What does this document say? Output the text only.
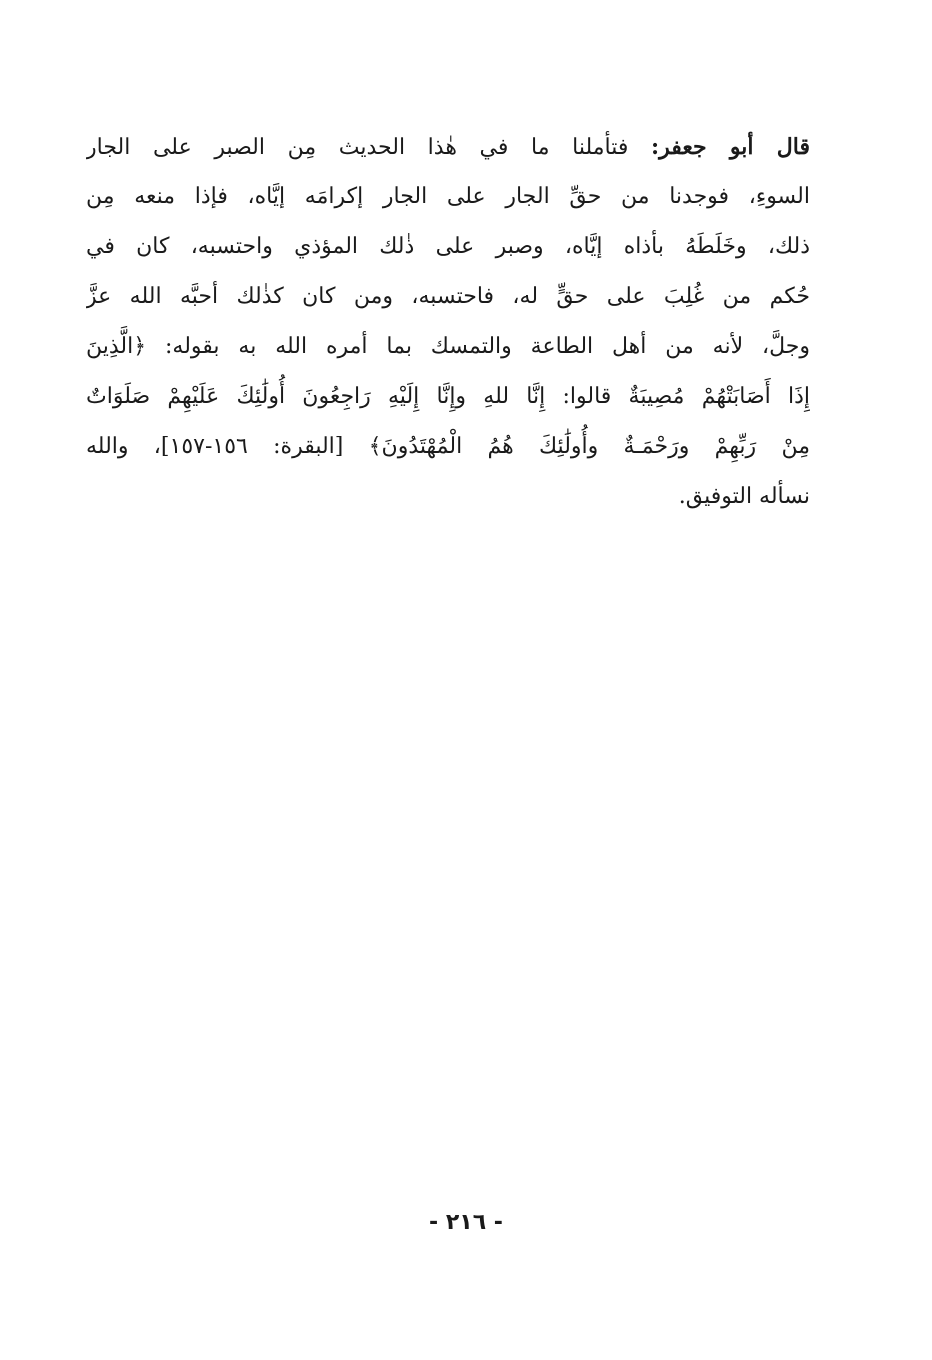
قال أبو جعفر: فتأملنا ما في هٰذا الحديث مِن الصبر على الجار
السوءِ، فوجدنا من حقِّ الجار على الجار إكرامَه إيَّاه، فإذا منعه مِن
ذلك، وخَلَطَهُ بأذاه إيَّاه، وصبر على ذٰلك المؤذي واحتسبه، كان في
حُكم من غُلِبَ على حقٍّ له، فاحتسبه، ومن كان كذٰلك أحبَّه الله عزَّ
وجلَّ، لأنه من أهل الطاعة والتمسك بما أمره الله به بقوله: ﴿الَّذِينَ
إِذَا أَصَابَتْهُمْ مُصِيبَةٌ قالوا: إِنَّا للهِ وإِنَّا إِلَيْهِ رَاجِعُونَ أُولَٰئِكَ عَلَيْهِمْ صَلَوَاتٌ
مِنْ رَبِّهِمْ ورَحْمَـةٌ وأُولَٰئِكَ هُمُ الْمُهْتَدُونَ﴾ [البقرة: ١٥٦-١٥٧]، والله
نسأله التوفيق.
- ٢١٦ -
